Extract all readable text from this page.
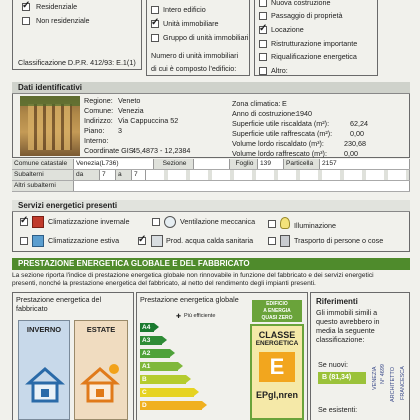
✓ Residenziale
Non residenziale
Classificazione D.P.R. 412/93: E.1(1)
Intero edificio
✓ Unità immobiliare
Gruppo di unità immobiliari
Numero di unità immobiliari
di cui è composto l'edificio:
Nuova costruzione
Passaggio di proprietà
✓ Locazione
Ristrutturazione importante
Riqualificazione energetica
Altro:
Dati identificativi
Regione: Veneto
Comune: Venezia
Indirizzo: Via Cappuccina 52
Piano: 3
Interno:
Coordinate GIS:
45,4873 - 12,2384
Zona climatica: E
Anno di costruzione:
1940
Superficie utile riscaldata (m²):	62,24
Superficie utile raffrescata (m²): 0,00
Volume lordo riscaldato (m³):	230,68
Volume lordo raffrescato (m³): 0,00
Comune catastale	Venezia(L736)	Sezione	Foglio 139	Particella	2157
Subalterni	da	7	a	7
Altri subalterni
Servizi energetici presenti
✓	Climatizzazione invernale	Ventilazione meccanica	Illuminazione
Climatizzazione estiva ✓	Prod. acqua calda sanitaria	Trasporto di persone o cose
PRESTAZIONE ENERGETICA GLOBALE E DEL FABBRICATO
La sezione riporta l'indice di prestazione energetica globale non rinnovabile in funzione del fabbricato e dei servizi energetici
presenti, nonché la prestazione energetica del fabbricato, al netto del rendimento degli impianti presenti.
Prestazione energetica del
fabbricato
INVERNO	ESTATE
Prestazione energetica globale
✚ Più efficiente
A4
A3
A2
A1
B
C
D
EDIFICIO
A ENERGIA
QUASI ZERO
CLASSE
ENERGETICA
E
EPgl,nren
Riferimenti
Gli immobili simili a
questo avrebbero in
media la seguente
classificazione:
Se nuovi:
B (81,34)
Se esistenti:
VENEZIA N° 4699 ARCHITETTO FRANCESCA
